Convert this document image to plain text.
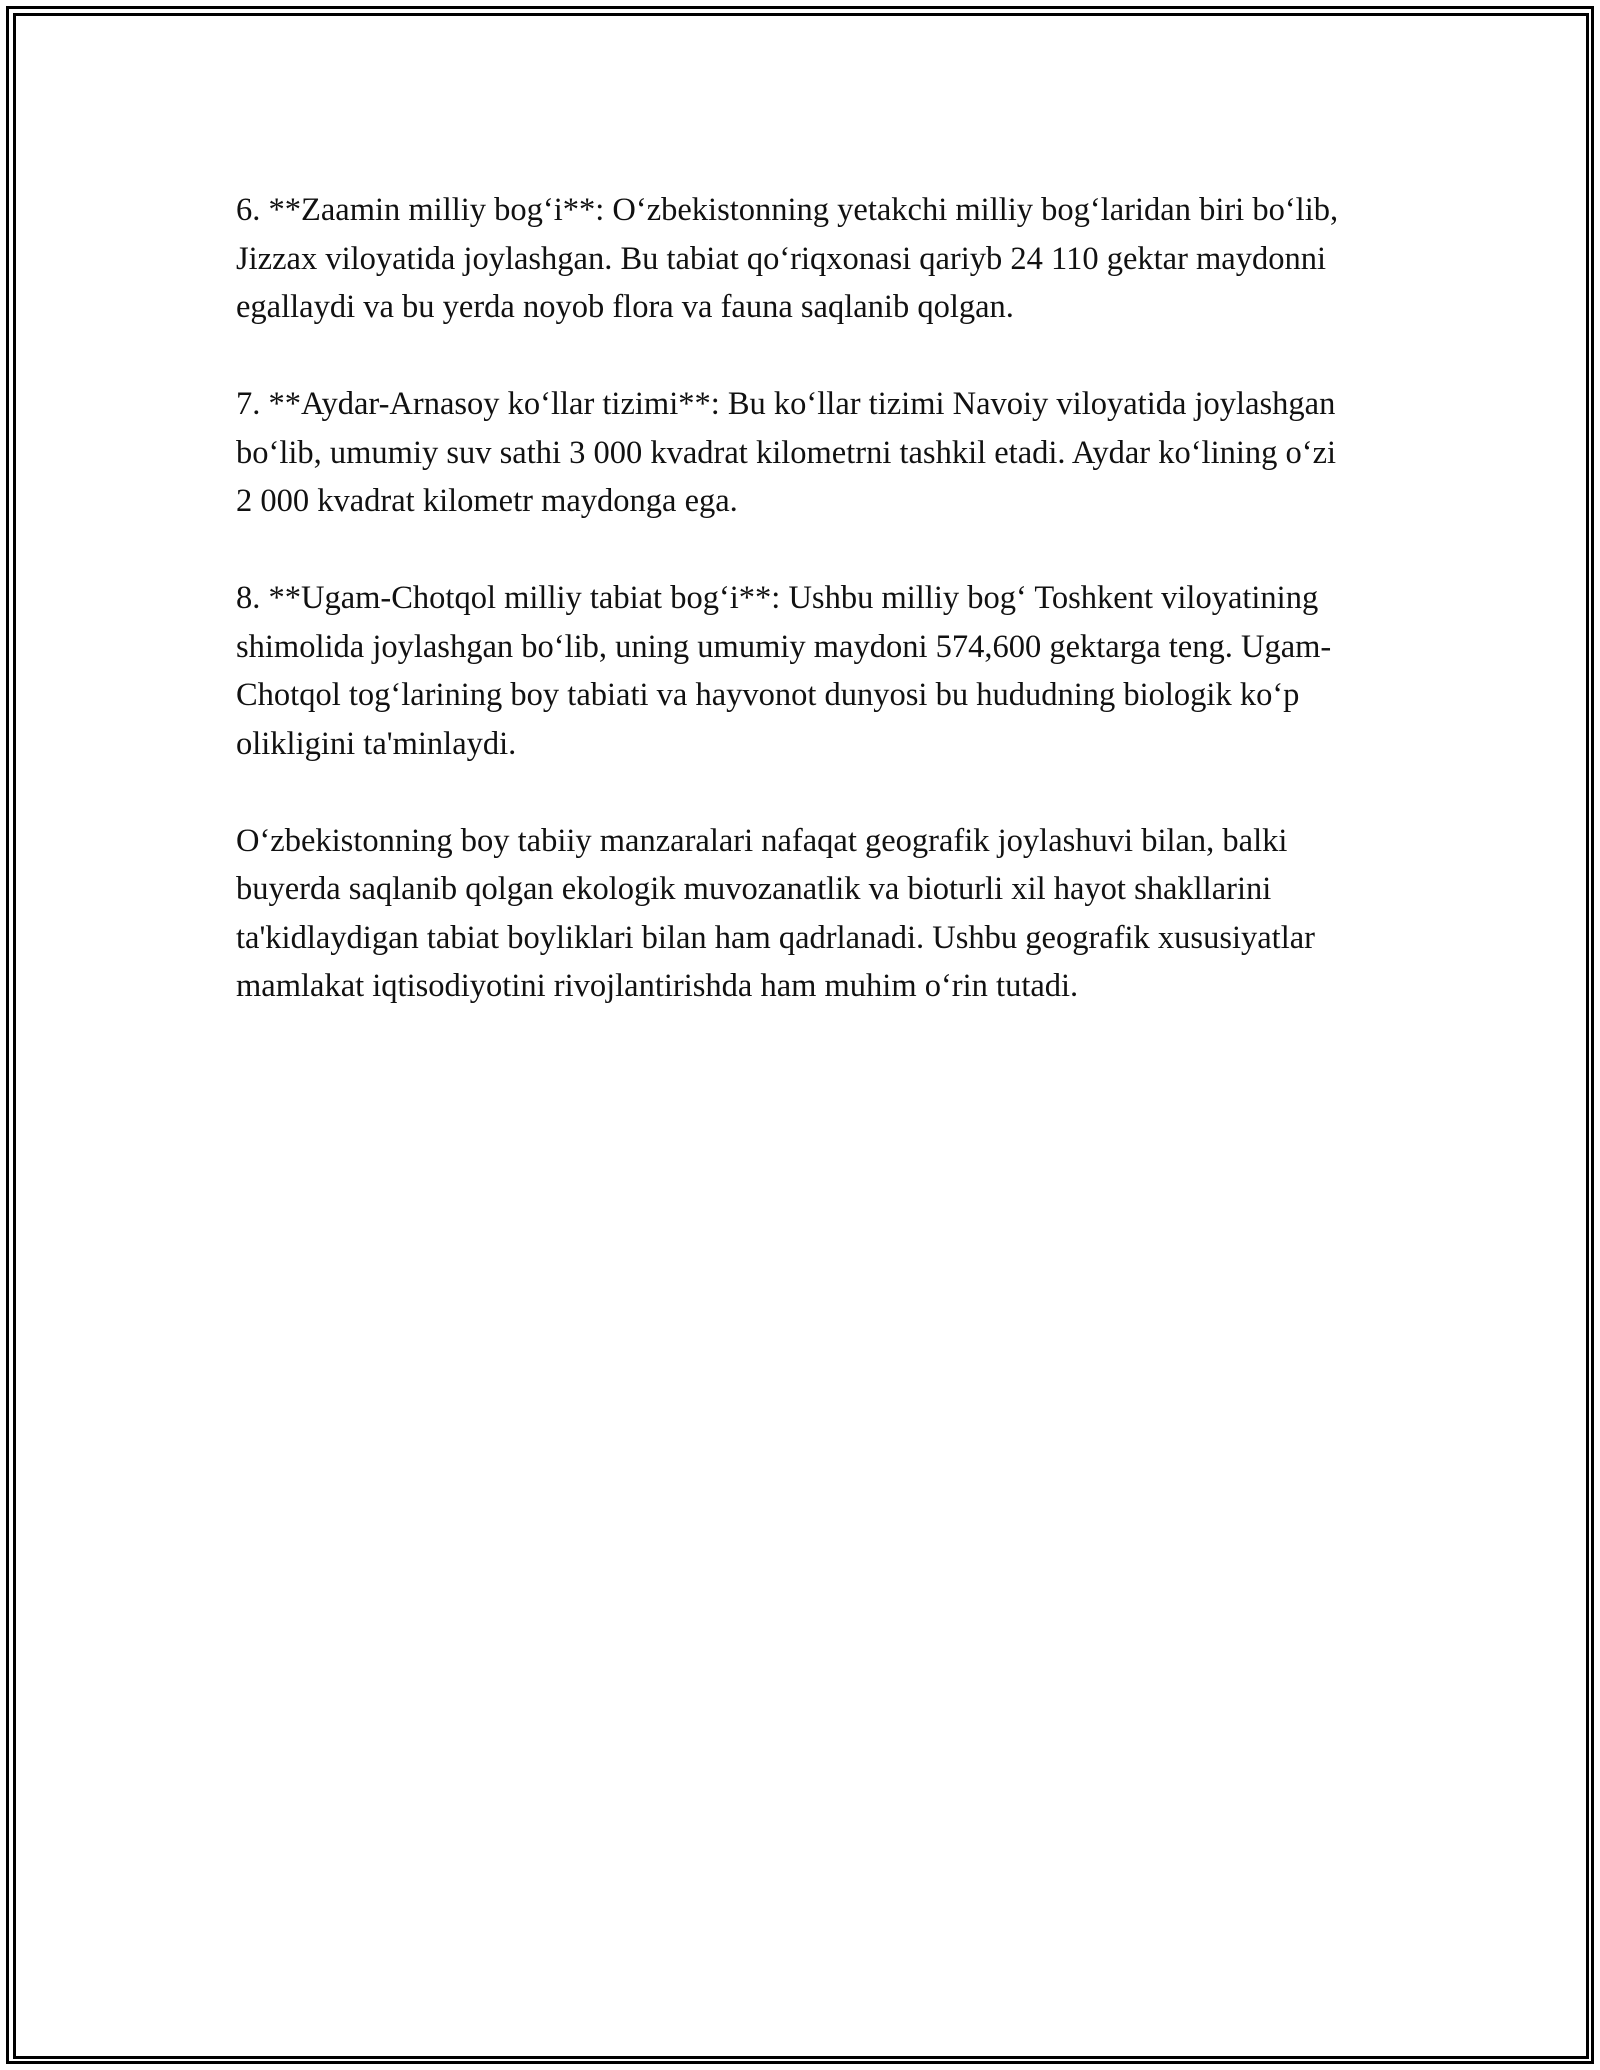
6. **Zaamin milliy bog‘i**: O‘zbekistonning yetakchi milliy bog‘laridan biri bo‘lib, Jizzax viloyatida joylashgan. Bu tabiat qo‘riqxonasi qariyb 24 110 gektar maydonni egallaydi va bu yerda noyob flora va fauna saqlanib qolgan.

7. **Aydar-Arnasoy ko‘llar tizimi**: Bu ko‘llar tizimi Navoiy viloyatida joylashgan bo‘lib, umumiy suv sathi 3 000 kvadrat kilometrni tashkil etadi. Aydar ko‘lining o‘zi 2 000 kvadrat kilometr maydonga ega.

8. **Ugam-Chotqol milliy tabiat bog‘i**: Ushbu milliy bog‘ Toshkent viloyatining shimolida joylashgan bo‘lib, uning umumiy maydoni 574,600 gektarga teng. Ugam-Chotqol tog‘larining boy tabiati va hayvonot dunyosi bu hududning biologik ko‘p olikligini ta'minlaydi.

O‘zbekistonning boy tabiiy manzaralari nafaqat geografik joylashuvi bilan, balki buyerda saqlanib qolgan ekologik muvozanatlik va bioturli xil hayot shakllarini ta'kidlaydigan tabiat boyliklari bilan ham qadrlanadi. Ushbu geografik xususiyatlar mamlakat iqtisodiyotini rivojlantirishda ham muhim o‘rin tutadi.
